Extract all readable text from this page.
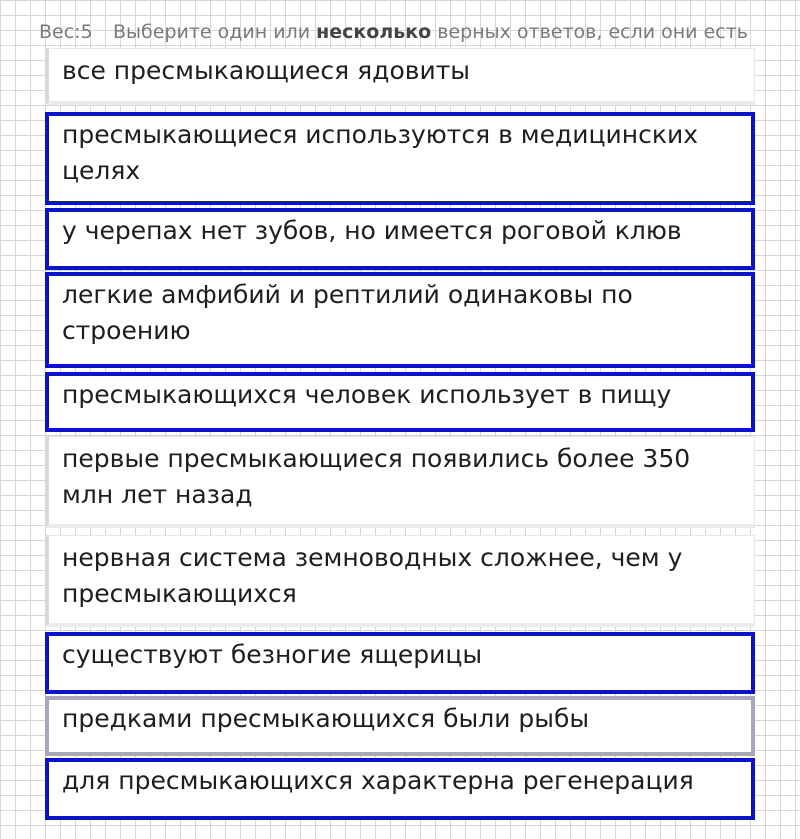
Вес:5 Выберите один или несколько верных ответов, если они есть
все пресмыкающиеся ядовиты
пресмыкающиеся используются в медицинских целях
у черепах нет зубов, но имеется роговой клюв
легкие амфибий и рептилий одинаковы по строению
пресмыкающихся человек использует в пищу
первые пресмыкающиеся появились более 350 млн лет назад
нервная система земноводных сложнее, чем у пресмыкающихся
существуют безногие ящерицы
предками пресмыкающихся были рыбы
для пресмыкающихся характерна регенерация
